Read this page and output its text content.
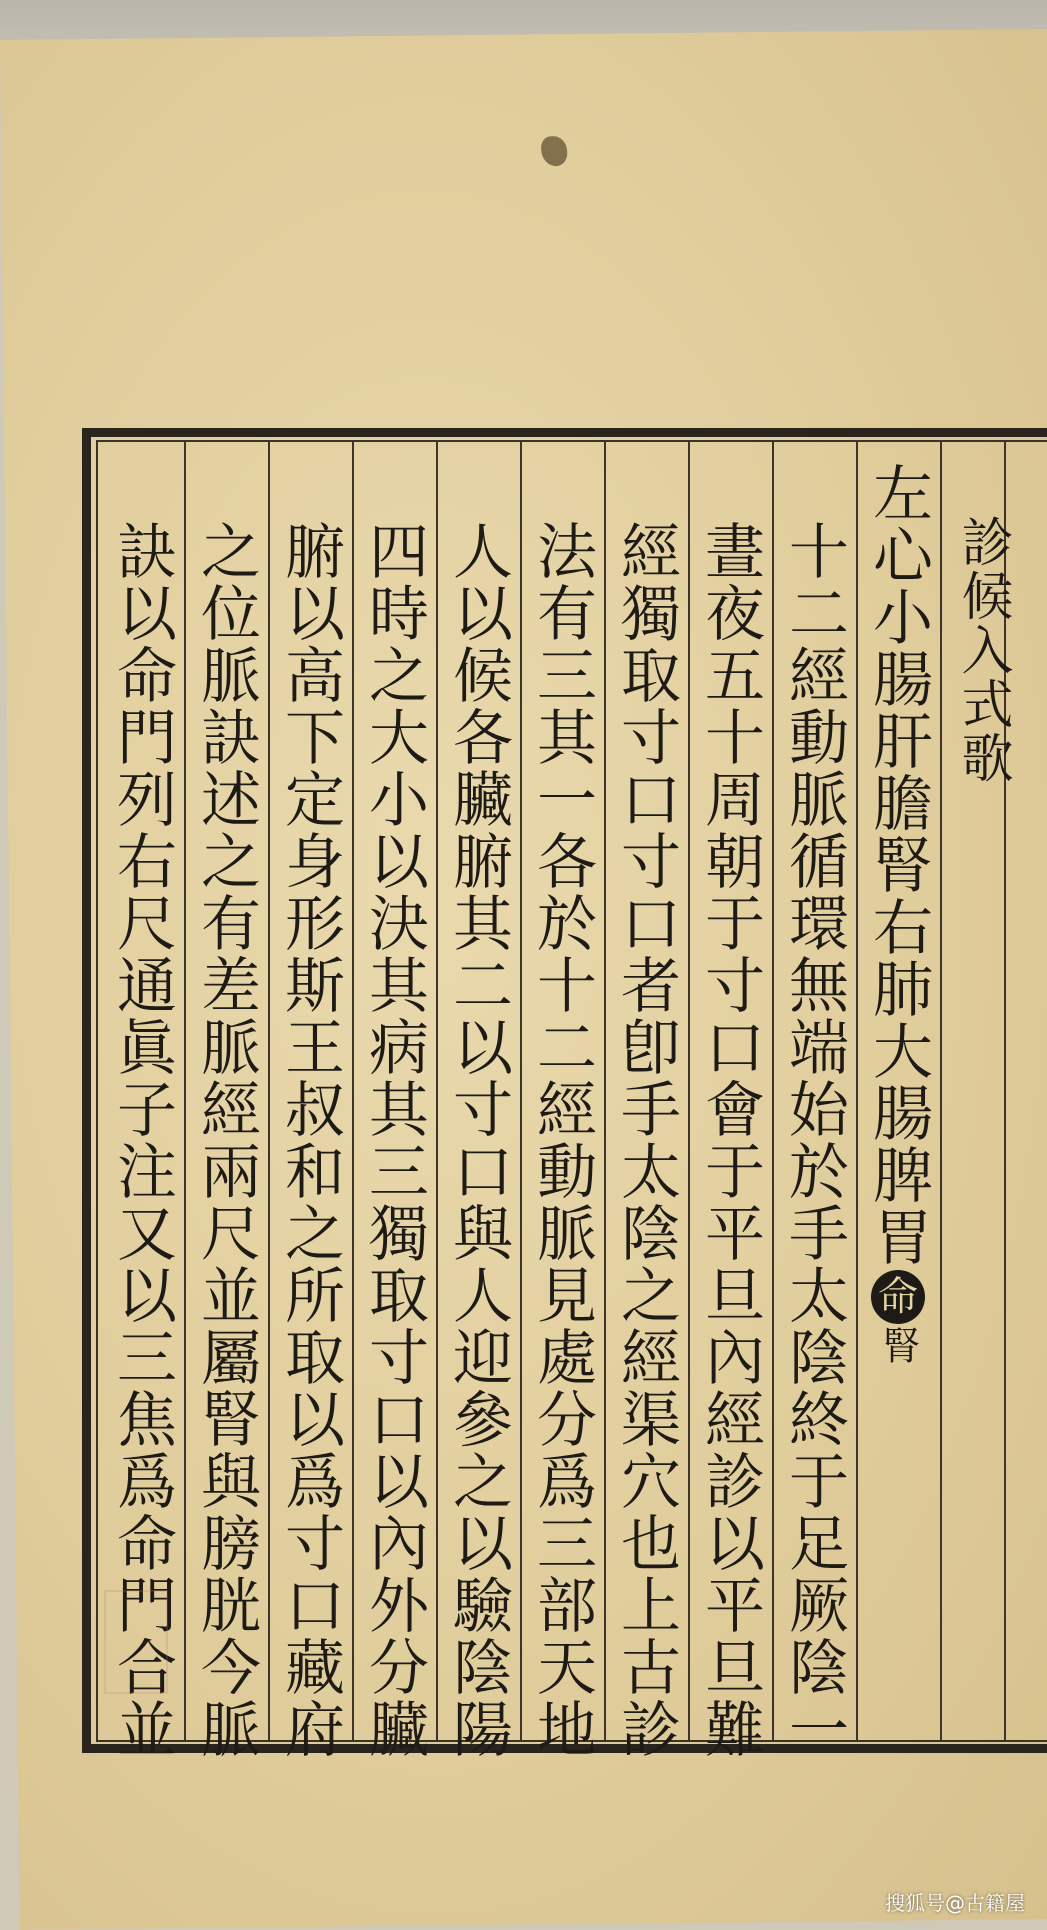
診候入式歌
左心小腸肝膽腎右肺大腸脾胃
命
腎
十二經動脈循環無端始於手太陰終于足厥陰一
晝夜五十周朝于寸口會于平旦內經診以平旦難
經獨取寸口寸口者卽手太陰之經渠穴也上古診
法有三其一各於十二經動脈見處分爲三部天地
人以候各臟腑其二以寸口與人迎參之以驗陰陽
四時之大小以決其病其三獨取寸口以內外分臟
腑以高下定身形斯王叔和之所取以爲寸口藏府
之位脈訣述之有差脈經兩尺並屬腎與膀胱今脈
訣以命門列右尺通眞子注又以三焦爲命門合並
搜狐号@古籍屋
